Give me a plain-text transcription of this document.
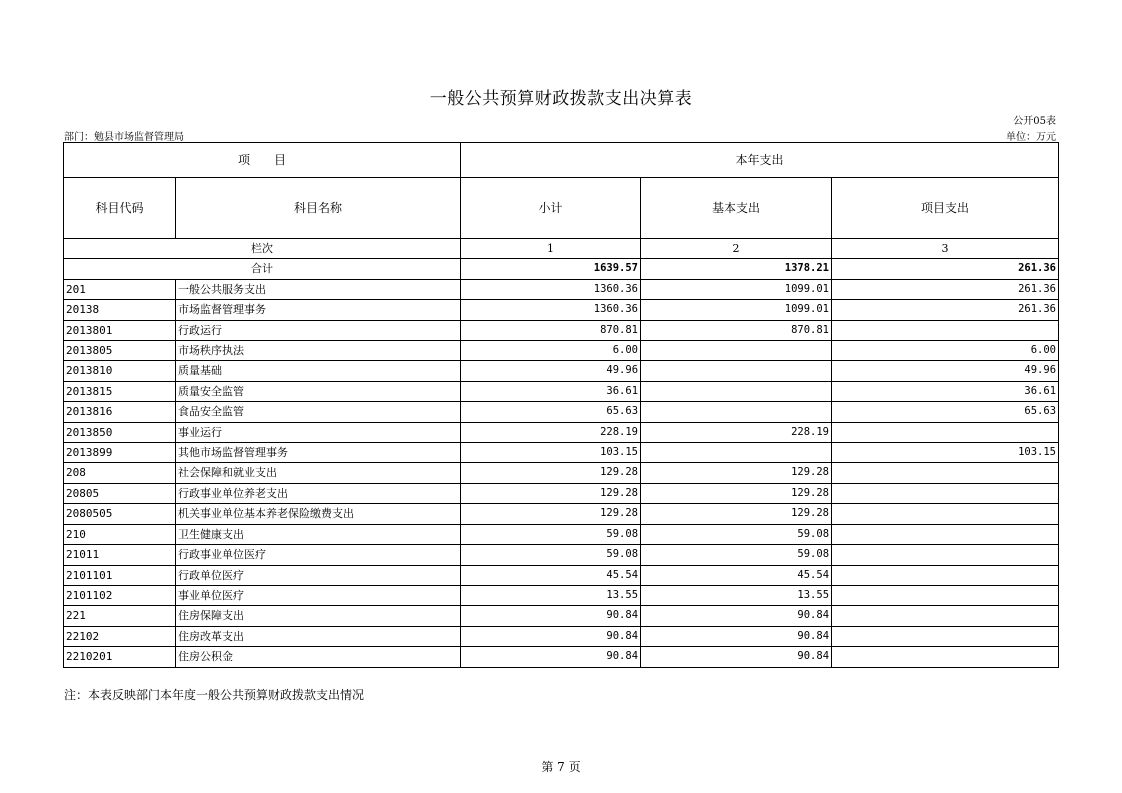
一般公共预算财政拨款支出决算表
公开05表
部门：勉县市场监督管理局	单位：万元
项　　目		本年支出		
科目代码	科目名称	小计	基本支出	项目支出
栏次		1	2	3
合计		1639.57	1378.21	261.36
201	一般公共服务支出	1360.36	1099.01	261.36
20138	市场监督管理事务	1360.36	1099.01	261.36
2013801	行政运行	870.81	870.81	
2013805	市场秩序执法	6.00		6.00
2013810	质量基础	49.96		49.96
2013815	质量安全监管	36.61		36.61
2013816	食品安全监管	65.63		65.63
2013850	事业运行	228.19	228.19	
2013899	其他市场监督管理事务	103.15		103.15
208	社会保障和就业支出	129.28	129.28	
20805	行政事业单位养老支出	129.28	129.28	
2080505	机关事业单位基本养老保险缴费支出	129.28	129.28	
210	卫生健康支出	59.08	59.08	
21011	行政事业单位医疗	59.08	59.08	
2101101	行政单位医疗	45.54	45.54	
2101102	事业单位医疗	13.55	13.55	
221	住房保障支出	90.84	90.84	
22102	住房改革支出	90.84	90.84	
2210201	住房公积金	90.84	90.84	
注：本表反映部门本年度一般公共预算财政拨款支出情况
第 7 页
